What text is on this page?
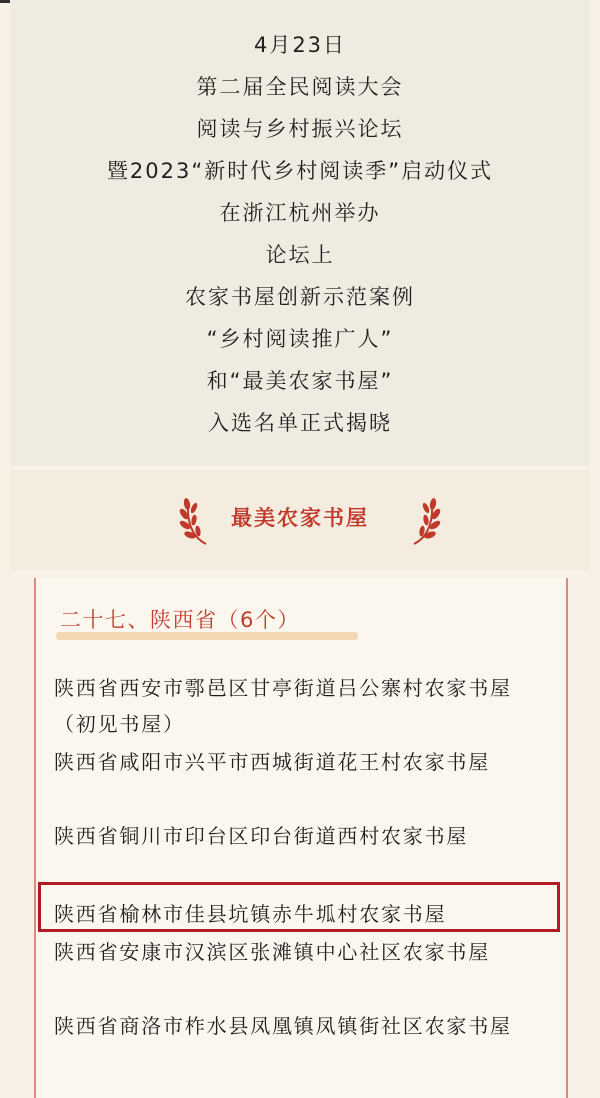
4月23日
第二届全民阅读大会
阅读与乡村振兴论坛
暨2023“新时代乡村阅读季”启动仪式
在浙江杭州举办
论坛上
农家书屋创新示范案例
“乡村阅读推广人”
和“最美农家书屋”
入选名单正式揭晓
最美农家书屋
二十七、陕西省（6个）
陕西省西安市鄠邑区甘亭街道吕公寨村农家书屋（初见书屋）
陕西省咸阳市兴平市西城街道花王村农家书屋
陕西省铜川市印台区印台街道西村农家书屋
陕西省榆林市佳县坑镇赤牛坬村农家书屋
陕西省安康市汉滨区张滩镇中心社区农家书屋
陕西省商洛市柞水县凤凰镇凤镇街社区农家书屋
